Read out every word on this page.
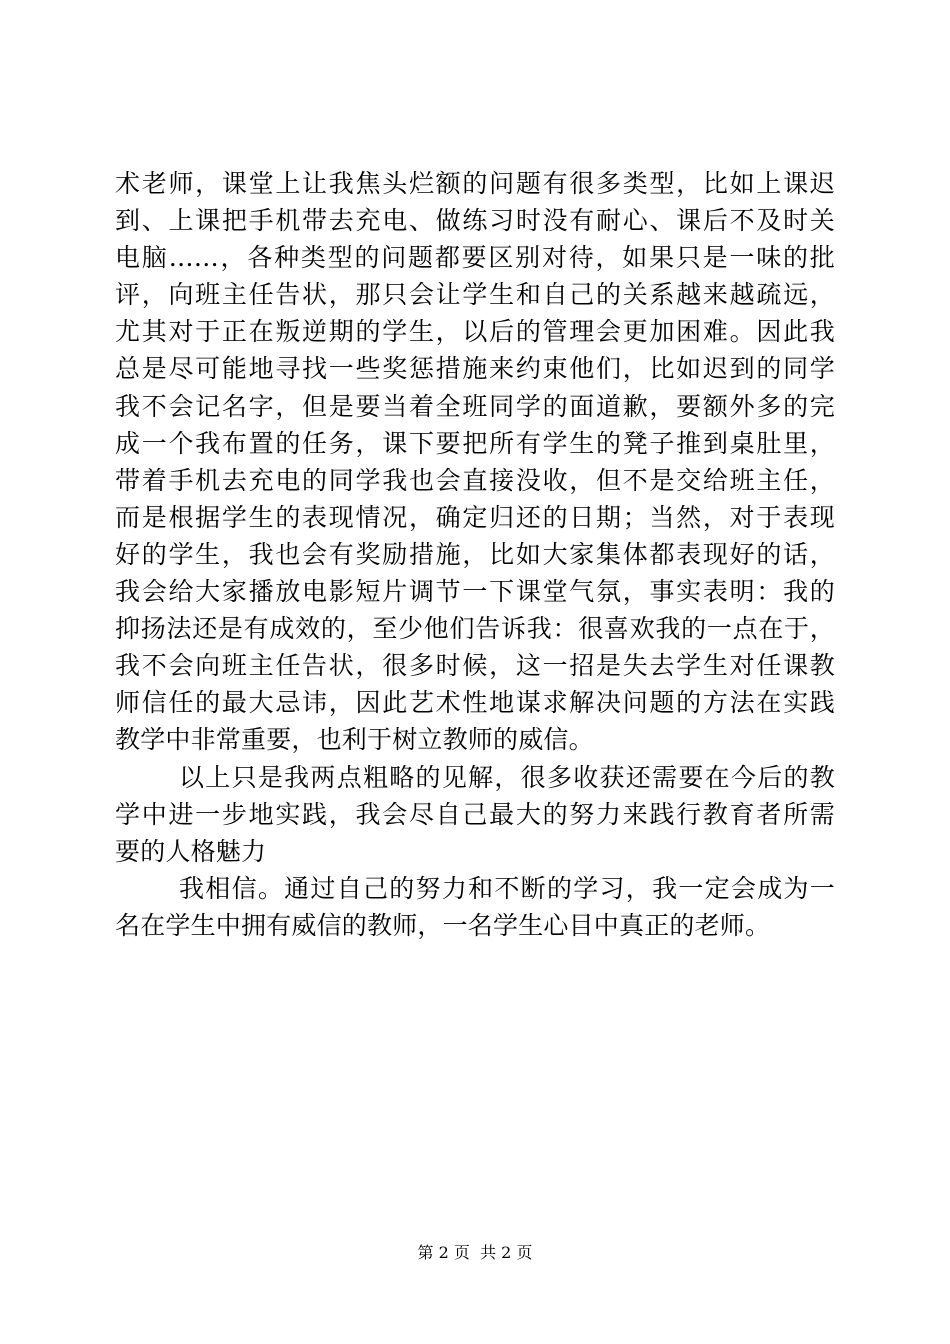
术老师，课堂上让我焦头烂额的问题有很多类型，比如上课迟
到、上课把手机带去充电、做练习时没有耐心、课后不及时关
电脑……，各种类型的问题都要区别对待，如果只是一味的批
评，向班主任告状，那只会让学生和自己的关系越来越疏远，
尤其对于正在叛逆期的学生，以后的管理会更加困难。因此我
总是尽可能地寻找一些奖惩措施来约束他们，比如迟到的同学
我不会记名字，但是要当着全班同学的面道歉，要额外多的完
成一个我布置的任务，课下要把所有学生的凳子推到桌肚里，
带着手机去充电的同学我也会直接没收，但不是交给班主任，
而是根据学生的表现情况，确定归还的日期；当然，对于表现
好的学生，我也会有奖励措施，比如大家集体都表现好的话，
我会给大家播放电影短片调节一下课堂气氛，事实表明：我的
抑扬法还是有成效的，至少他们告诉我：很喜欢我的一点在于，
我不会向班主任告状，很多时候，这一招是失去学生对任课教
师信任的最大忌讳，因此艺术性地谋求解决问题的方法在实践
教学中非常重要，也利于树立教师的威信。
以上只是我两点粗略的见解，很多收获还需要在今后的教
学中进一步地实践，我会尽自己最大的努力来践行教育者所需
要的人格魅力
我相信。通过自己的努力和不断的学习，我一定会成为一
名在学生中拥有威信的教师，一名学生心目中真正的老师。
第 2 页  共 2 页
